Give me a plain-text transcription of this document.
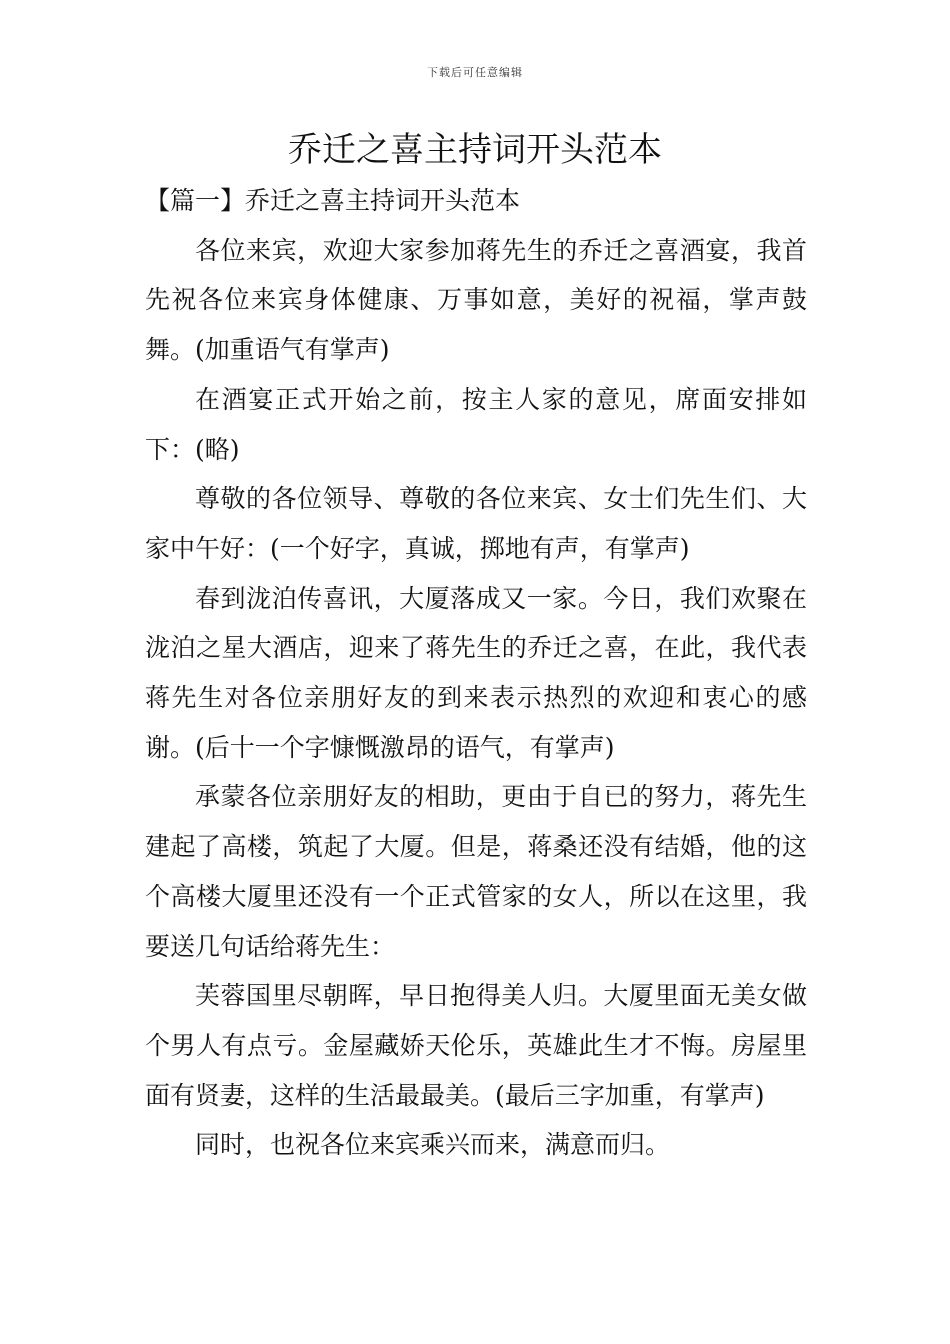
下载后可任意编辑
乔迁之喜主持词开头范本
【篇一】乔迁之喜主持词开头范本

各位来宾，欢迎大家参加蒋先生的乔迁之喜酒宴，我首先祝各位来宾身体健康、万事如意，美好的祝福，掌声鼓舞。(加重语气有掌声)

在酒宴正式开始之前，按主人家的意见，席面安排如下：(略)

尊敬的各位领导、尊敬的各位来宾、女士们先生们、大家中午好：(一个好字，真诚，掷地有声，有掌声)

春到泷泊传喜讯，大厦落成又一家。今日，我们欢聚在泷泊之星大酒店，迎来了蒋先生的乔迁之喜，在此，我代表蒋先生对各位亲朋好友的到来表示热烈的欢迎和衷心的感谢。(后十一个字慷慨激昂的语气，有掌声)

承蒙各位亲朋好友的相助，更由于自已的努力，蒋先生建起了高楼，筑起了大厦。但是，蒋桑还没有结婚，他的这个高楼大厦里还没有一个正式管家的女人，所以在这里，我要送几句话给蒋先生：

芙蓉国里尽朝晖，早日抱得美人归。大厦里面无美女做个男人有点亏。金屋藏娇天伦乐，英雄此生才不悔。房屋里面有贤妻，这样的生活最最美。(最后三字加重，有掌声)

同时，也祝各位来宾乘兴而来，满意而归。
